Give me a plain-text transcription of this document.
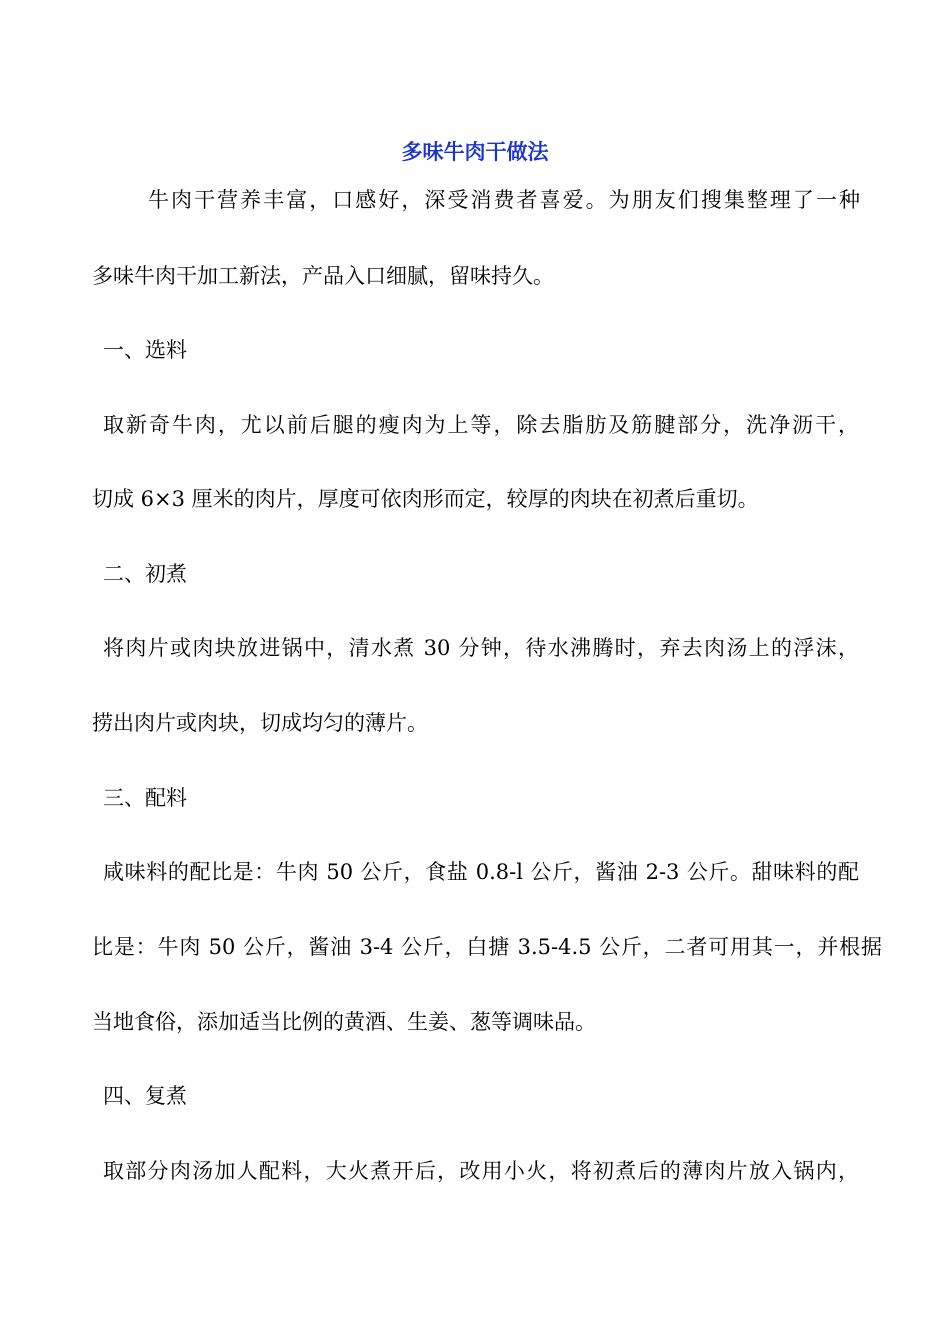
多味牛肉干做法
牛肉干营养丰富，口感好，深受消费者喜爱。为朋友们搜集整理了一种
多味牛肉干加工新法，产品入口细腻，留味持久。
一、选料
取新奇牛肉，尤以前后腿的瘦肉为上等，除去脂肪及筋腱部分，洗净沥干，
切成 6×3 厘米的肉片，厚度可依肉形而定，较厚的肉块在初煮后重切。
二、初煮
将肉片或肉块放进锅中，清水煮 30 分钟，待水沸腾时，弃去肉汤上的浮沫，
捞出肉片或肉块，切成均匀的薄片。
三、配料
咸味料的配比是：牛肉 50 公斤，食盐 0.8-l 公斤，酱油 2-3 公斤。甜味料的配
比是：牛肉 50 公斤，酱油 3-4 公斤，白搪 3.5-4.5 公斤，二者可用其一，并根据
当地食俗，添加适当比例的黄酒、生姜、葱等调味品。
四、复煮
取部分肉汤加人配料，大火煮开后，改用小火，将初煮后的薄肉片放入锅内，
